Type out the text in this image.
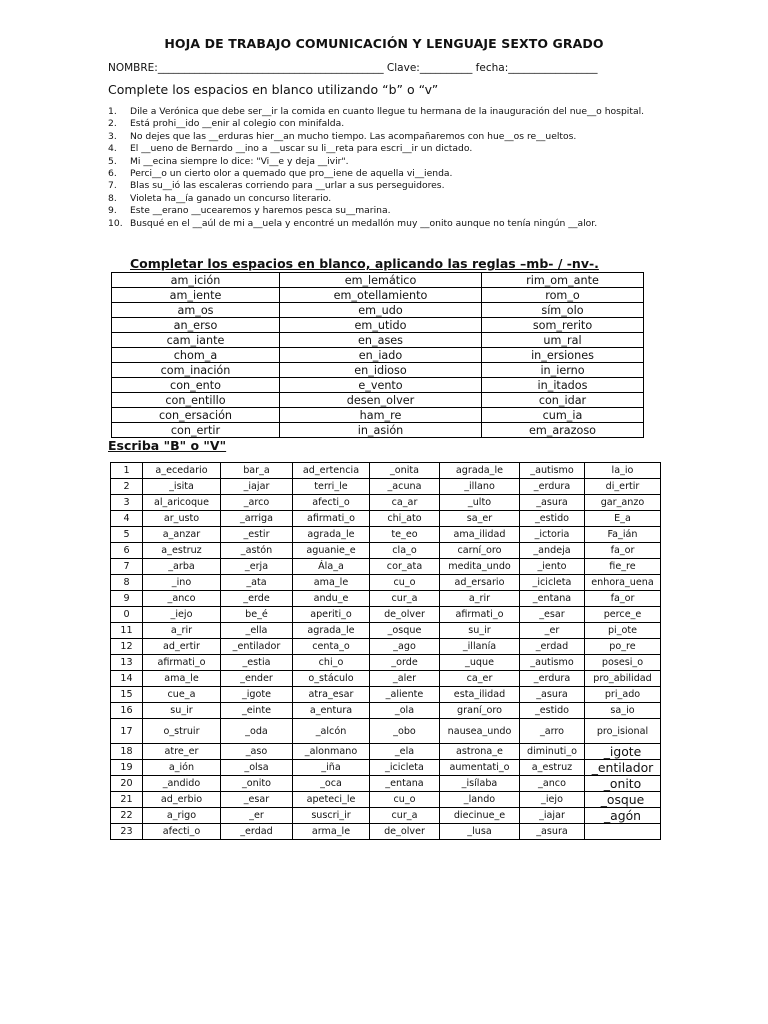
HOJA DE TRABAJO COMUNICACIÓN Y LENGUAJE SEXTO GRADO
NOMBRE:___________________________________________ Clave:__________ fecha:_________________
Complete los espacios en blanco utilizando “b” o “v”
1.	Dile a Verónica que debe ser__ir la comida en cuanto llegue tu hermana de la inauguración del nue__o hospital.
2.	Está prohi__ido __enir al colegio con minifalda.
3.	No dejes que las __erduras hier__an mucho tiempo. Las acompañaremos con hue__os re__ueltos.
4.	El __ueno de Bernardo __ino a __uscar su li__reta para escri__ir un dictado.
5.	Mi __ecina siempre lo dice: "Vi__e y deja __ivir".
6.	Perci__o un cierto olor a quemado que pro__iene de aquella vi__ienda.
7.	Blas su__ió las escaleras corriendo para __urlar a sus perseguidores.
8.	Violeta ha__ía ganado un concurso literario.
9.	Este __erano __ucearemos y haremos pesca su__marina.
10. Busqué en el __aúl de mi a__uela y encontré un medallón muy __onito aunque no tenía ningún __alor.
Completar los espacios en blanco, aplicando las reglas –mb- / -nv-.
am_ición	em_lemático	rim_om_ante
am_iente	em_otellamiento	rom_o
am_os	em_udo	sím_olo
an_erso	em_utido	som_rerito
cam_iante	en_ases	um_ral
chom_a	en_iado	in_ersiones
com_inación	en_idioso	in_ierno
con_ento	e_vento	in_itados
con_entillo	desen_olver	con_idar
con_ersación	ham_re	cum_ia
con_ertir	in_asión	em_arazoso
Escriba "B" o "V"
1	a_ecedario	bar_a	ad_ertencia	_onita	agrada_le	_autismo	la_io
2	_isita	_iajar	terri_le	_acuna	_illano	_erdura	di_ertir
3	al_aricoque	_arco	afecti_o	ca_ar	_ulto	_asura	gar_anzo
4	ar_usto	_arriga	afirmati_o	chi_ato	sa_er	_estido	E_a
5	a_anzar	_estir	agrada_le	te_eo	ama_ilidad	_ictoria	Fa_ián
6	a_estruz	_astón	aguanie_e	cla_o	carní_oro	_andeja	fa_or
7	_arba	_erja	Ála_a	cor_ata	medita_undo	_iento	fie_re
8	_ino	_ata	ama_le	cu_o	ad_ersario	_icicleta	enhora_uena
9	_anco	_erde	andu_e	cur_a	a_rir	_entana	fa_or
0	_iejo	be_é	aperiti_o	de_olver	afirmati_o	_esar	perce_e
11	a_rir	_ella	agrada_le	_osque	su_ir	_er	pi_ote
12	ad_ertir	_entilador	centa_o	_ago	_illanía	_erdad	po_re
13	afirmati_o	_estia	chi_o	_orde	_uque	_autismo	posesi_o
14	ama_le	_ender	o_stáculo	_aler	ca_er	_erdura	pro_abilidad
15	cue_a	_igote	atra_esar	_aliente	esta_ilidad	_asura	pri_ado
16	su_ir	_einte	a_entura	_ola	graní_oro	_estido	sa_io
17	o_struir	_oda	_alcón	_obo	nausea_undo	_arro	pro_isional
18	atre_er	_aso	_alonmano	_ela	astrona_e	diminuti_o	_igote
19	a_ión	_olsa	_iña	_icicleta	aumentati_o	a_estruz	_entilador
20	_andido	_onito	_oca	_entana	_isílaba	_anco	_onito
21	ad_erbio	_esar	apeteci_le	cu_o	_lando	_iejo	_osque
22	a_rigo	_er	suscri_ir	cur_a	diecinue_e	_iajar	_agón
23	afecti_o	_erdad	arma_le	de_olver	_lusa	_asura	
